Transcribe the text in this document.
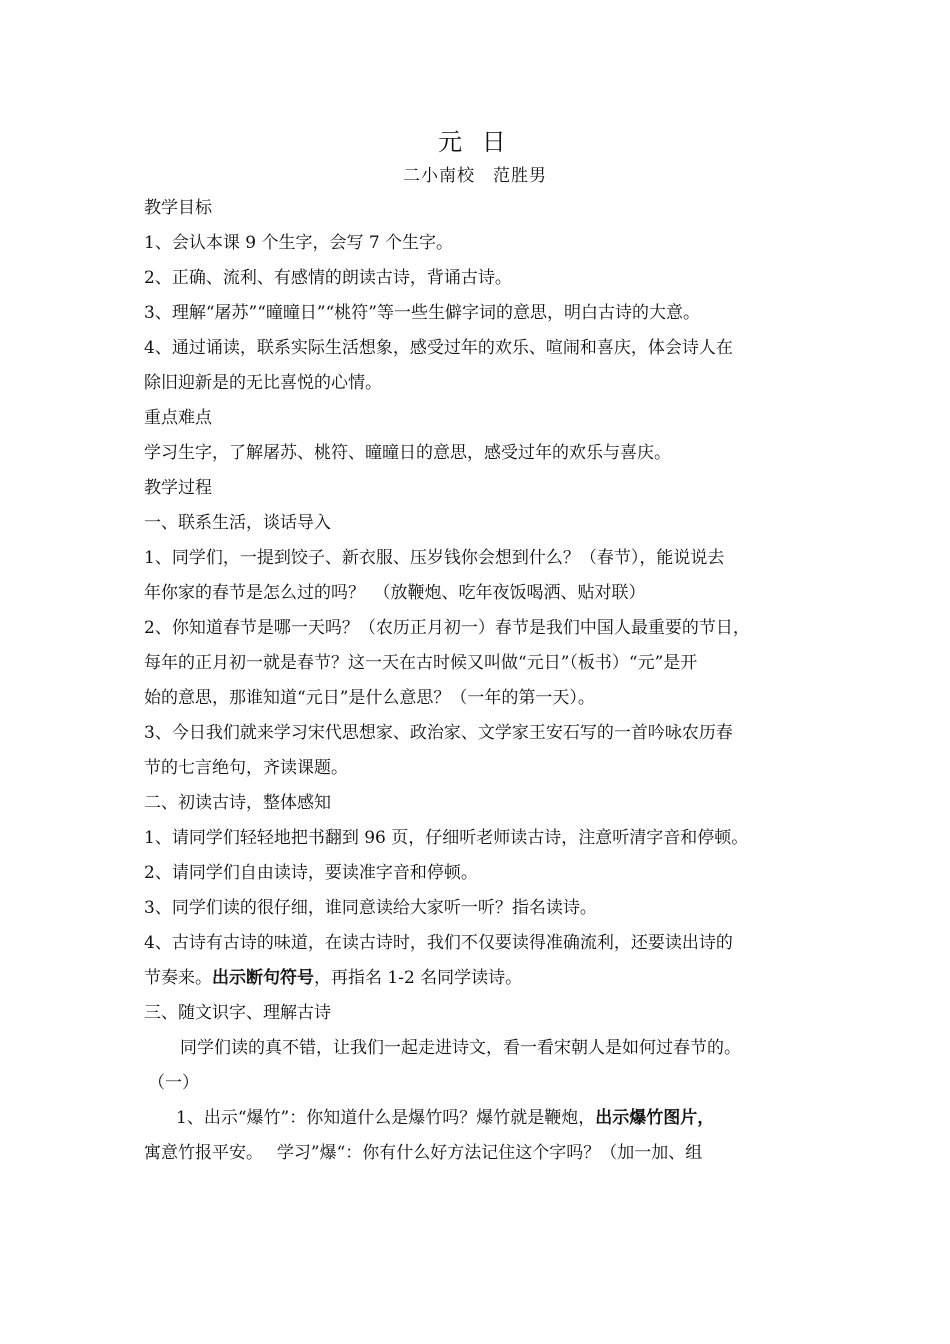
元 日
二小南校　范胜男
教学目标
1、会认本课 9 个生字，会写 7 个生字。
2、正确、流利、有感情的朗读古诗，背诵古诗。
3、理解“屠苏”“曈曈日”“桃符”等一些生僻字词的意思，明白古诗的大意。
4、通过诵读，联系实际生活想象，感受过年的欢乐、喧闹和喜庆，体会诗人在
除旧迎新是的无比喜悦的心情。
重点难点
学习生字，了解屠苏、桃符、曈曈日的意思，感受过年的欢乐与喜庆。
教学过程
一、联系生活，谈话导入
1、同学们，一提到饺子、新衣服、压岁钱你会想到什么？（春节），能说说去
年你家的春节是怎么过的吗？　（放鞭炮、吃年夜饭喝洒、贴对联）
2、你知道春节是哪一天吗？（农历正月初一）春节是我们中国人最重要的节日，
每年的正月初一就是春节？这一天在古时候又叫做“元日”（板书）“元”是开
始的意思，那谁知道“元日”是什么意思？（一年的第一天）。
3、今日我们就来学习宋代思想家、政治家、文学家王安石写的一首吟咏农历春
节的七言绝句，齐读课题。
二、初读古诗，整体感知
1、请同学们轻轻地把书翻到 96 页，仔细听老师读古诗，注意听清字音和停顿。
2、请同学们自由读诗，要读准字音和停顿。
3、同学们读的很仔细，谁同意读给大家听一听？指名读诗。
4、古诗有古诗的味道，在读古诗时，我们不仅要读得准确流利，还要读出诗的
节奏来。出示断句符号，再指名 1-2 名同学读诗。
三、随文识字、理解古诗
同学们读的真不错，让我们一起走进诗文，看一看宋朝人是如何过春节的。
（一）
1、出示“爆竹”：你知道什么是爆竹吗？爆竹就是鞭炮，出示爆竹图片，
寓意竹报平安。　 学习”爆“：你有什么好方法记住这个字吗？（加一加、组
